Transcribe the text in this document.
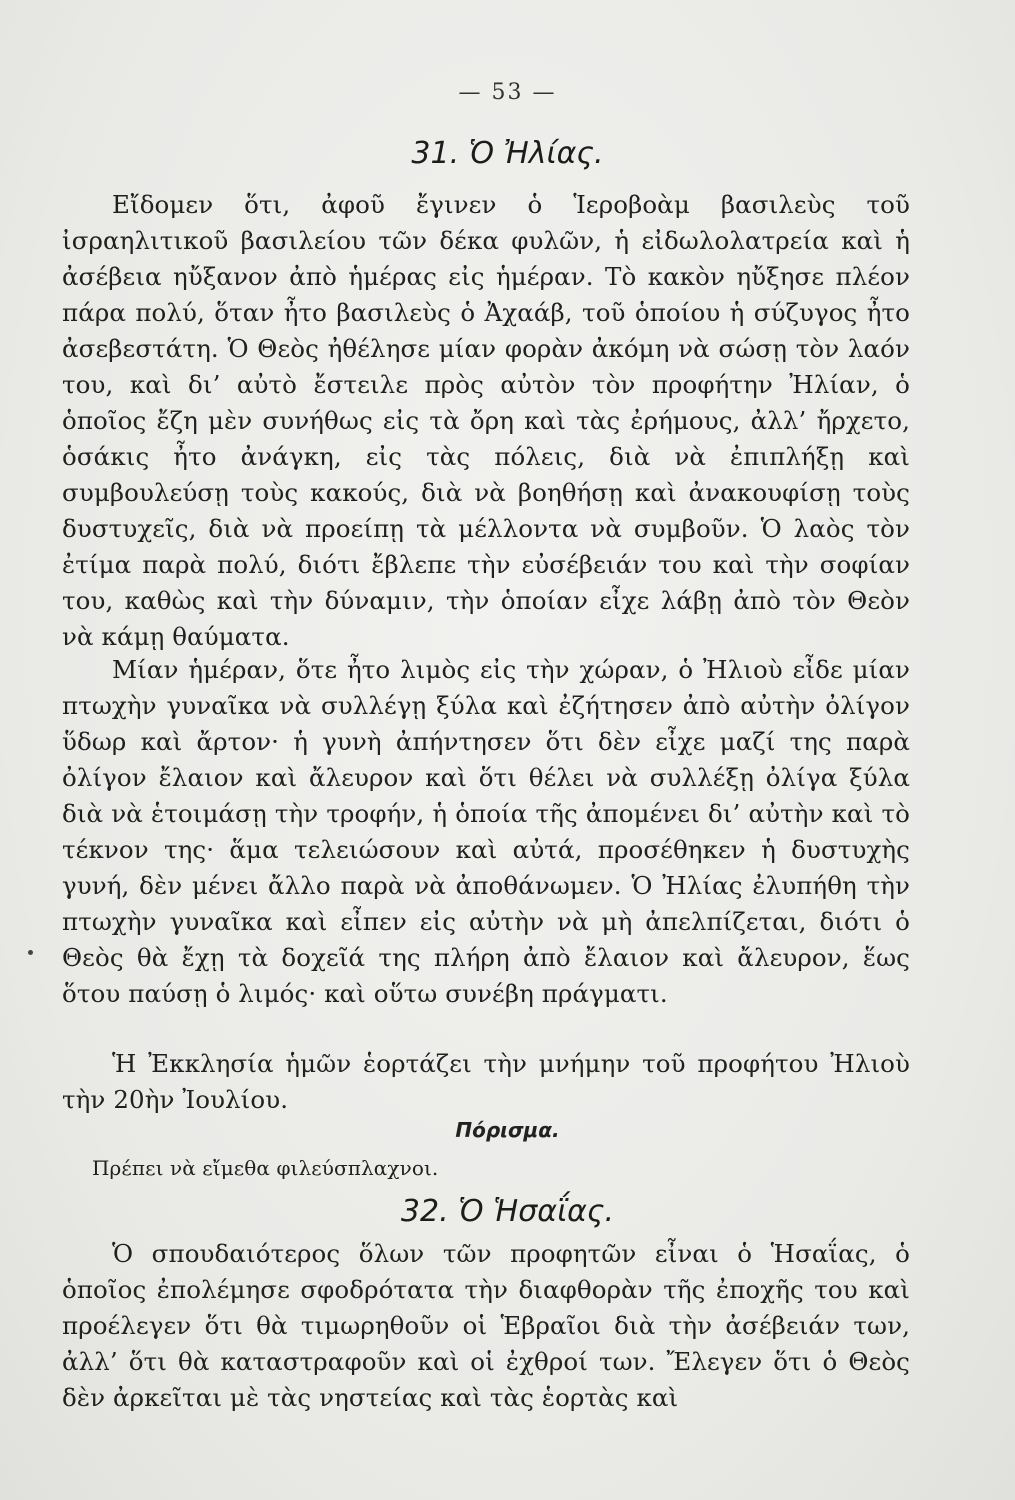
— 53 —
31. Ὁ Ἠλίας.
Εἴδομεν ὅτι, ἀφοῦ ἔγινεν ὁ Ἱεροβοὰμ βασιλεὺς τοῦ ἰσραηλιτικοῦ βασιλείου τῶν δέκα φυλῶν, ἡ εἰδωλολατρεία καὶ ἡ ἀσέβεια ηὔξανον ἀπὸ ἡμέρας εἰς ἡμέραν. Τὸ κακὸν ηὔξησε πλέον πάρα πολύ, ὅταν ἦτο βασιλεὺς ὁ Ἀχαάβ, τοῦ ὁποίου ἡ σύζυγος ἦτο ἀσεβεστάτη. Ὁ Θεὸς ἠθέλησε μίαν φορὰν ἀκόμη νὰ σώσῃ τὸν λαόν του, καὶ δι’ αὐτὸ ἔστειλε πρὸς αὐτὸν τὸν προφήτην Ἠλίαν, ὁ ὁποῖος ἔζη μὲν συνήθως εἰς τὰ ὄρη καὶ τὰς ἐρήμους, ἀλλ’ ἤρχετο, ὁσάκις ἦτο ἀνάγκη, εἰς τὰς πόλεις, διὰ νὰ ἐπιπλήξῃ καὶ συμβουλεύσῃ τοὺς κακούς, διὰ νὰ βοηθήσῃ καὶ ἀνακουφίσῃ τοὺς δυστυχεῖς, διὰ νὰ προείπῃ τὰ μέλλοντα νὰ συμβοῦν. Ὁ λαὸς τὸν ἐτίμα παρὰ πολύ, διότι ἔβλεπε τὴν εὐσέβειάν του καὶ τὴν σοφίαν του, καθὼς καὶ τὴν δύναμιν, τὴν ὁποίαν εἶχε λάβῃ ἀπὸ τὸν Θεὸν νὰ κάμῃ θαύματα.
Μίαν ἡμέραν, ὅτε ἦτο λιμὸς εἰς τὴν χώραν, ὁ Ἠλιοὺ εἶδε μίαν πτωχὴν γυναῖκα νὰ συλλέγῃ ξύλα καὶ ἐζήτησεν ἀπὸ αὐτὴν ὀλίγον ὕδωρ καὶ ἄρτον· ἡ γυνὴ ἀπήντησεν ὅτι δὲν εἶχε μαζί της παρὰ ὀλίγον ἔλαιον καὶ ἄλευρον καὶ ὅτι θέλει νὰ συλλέξῃ ὀλίγα ξύλα διὰ νὰ ἑτοιμάσῃ τὴν τροφήν, ἡ ὁποία τῆς ἀπομένει δι’ αὐτὴν καὶ τὸ τέκνον της· ἅμα τελειώσουν καὶ αὐτά, προσέθηκεν ἡ δυστυχὴς γυνή, δὲν μένει ἄλλο παρὰ νὰ ἀποθάνωμεν. Ὁ Ἠλίας ἐλυπήθη τὴν πτωχὴν γυναῖκα καὶ εἶπεν εἰς αὐτὴν νὰ μὴ ἀπελπίζεται, διότι ὁ Θεὸς θὰ ἔχῃ τὰ δοχεῖά της πλήρη ἀπὸ ἔλαιον καὶ ἄλευρον, ἕως ὅτου παύσῃ ὁ λιμός· καὶ οὕτω συνέβη πράγματι.
Ἡ Ἐκκλησία ἡμῶν ἑορτάζει τὴν μνήμην τοῦ προφήτου Ἠλιοὺ τὴν 20ὴν Ἰουλίου.
Πόρισμα.
Πρέπει νὰ εἴμεθα φιλεύσπλαχνοι.
32. Ὁ Ἡσαΐας.
Ὁ σπουδαιότερος ὅλων τῶν προφητῶν εἶναι ὁ Ἡσαΐας, ὁ ὁποῖος ἐπολέμησε σφοδρότατα τὴν διαφθορὰν τῆς ἐποχῆς του καὶ προέλεγεν ὅτι θὰ τιμωρηθοῦν οἱ Ἑβραῖοι διὰ τὴν ἀσέβειάν των, ἀλλ’ ὅτι θὰ καταστραφοῦν καὶ οἱ ἐχθροί των. Ἔλεγεν ὅτι ὁ Θεὸς δὲν ἀρκεῖται μὲ τὰς νηστείας καὶ τὰς ἑορτὰς καὶ
